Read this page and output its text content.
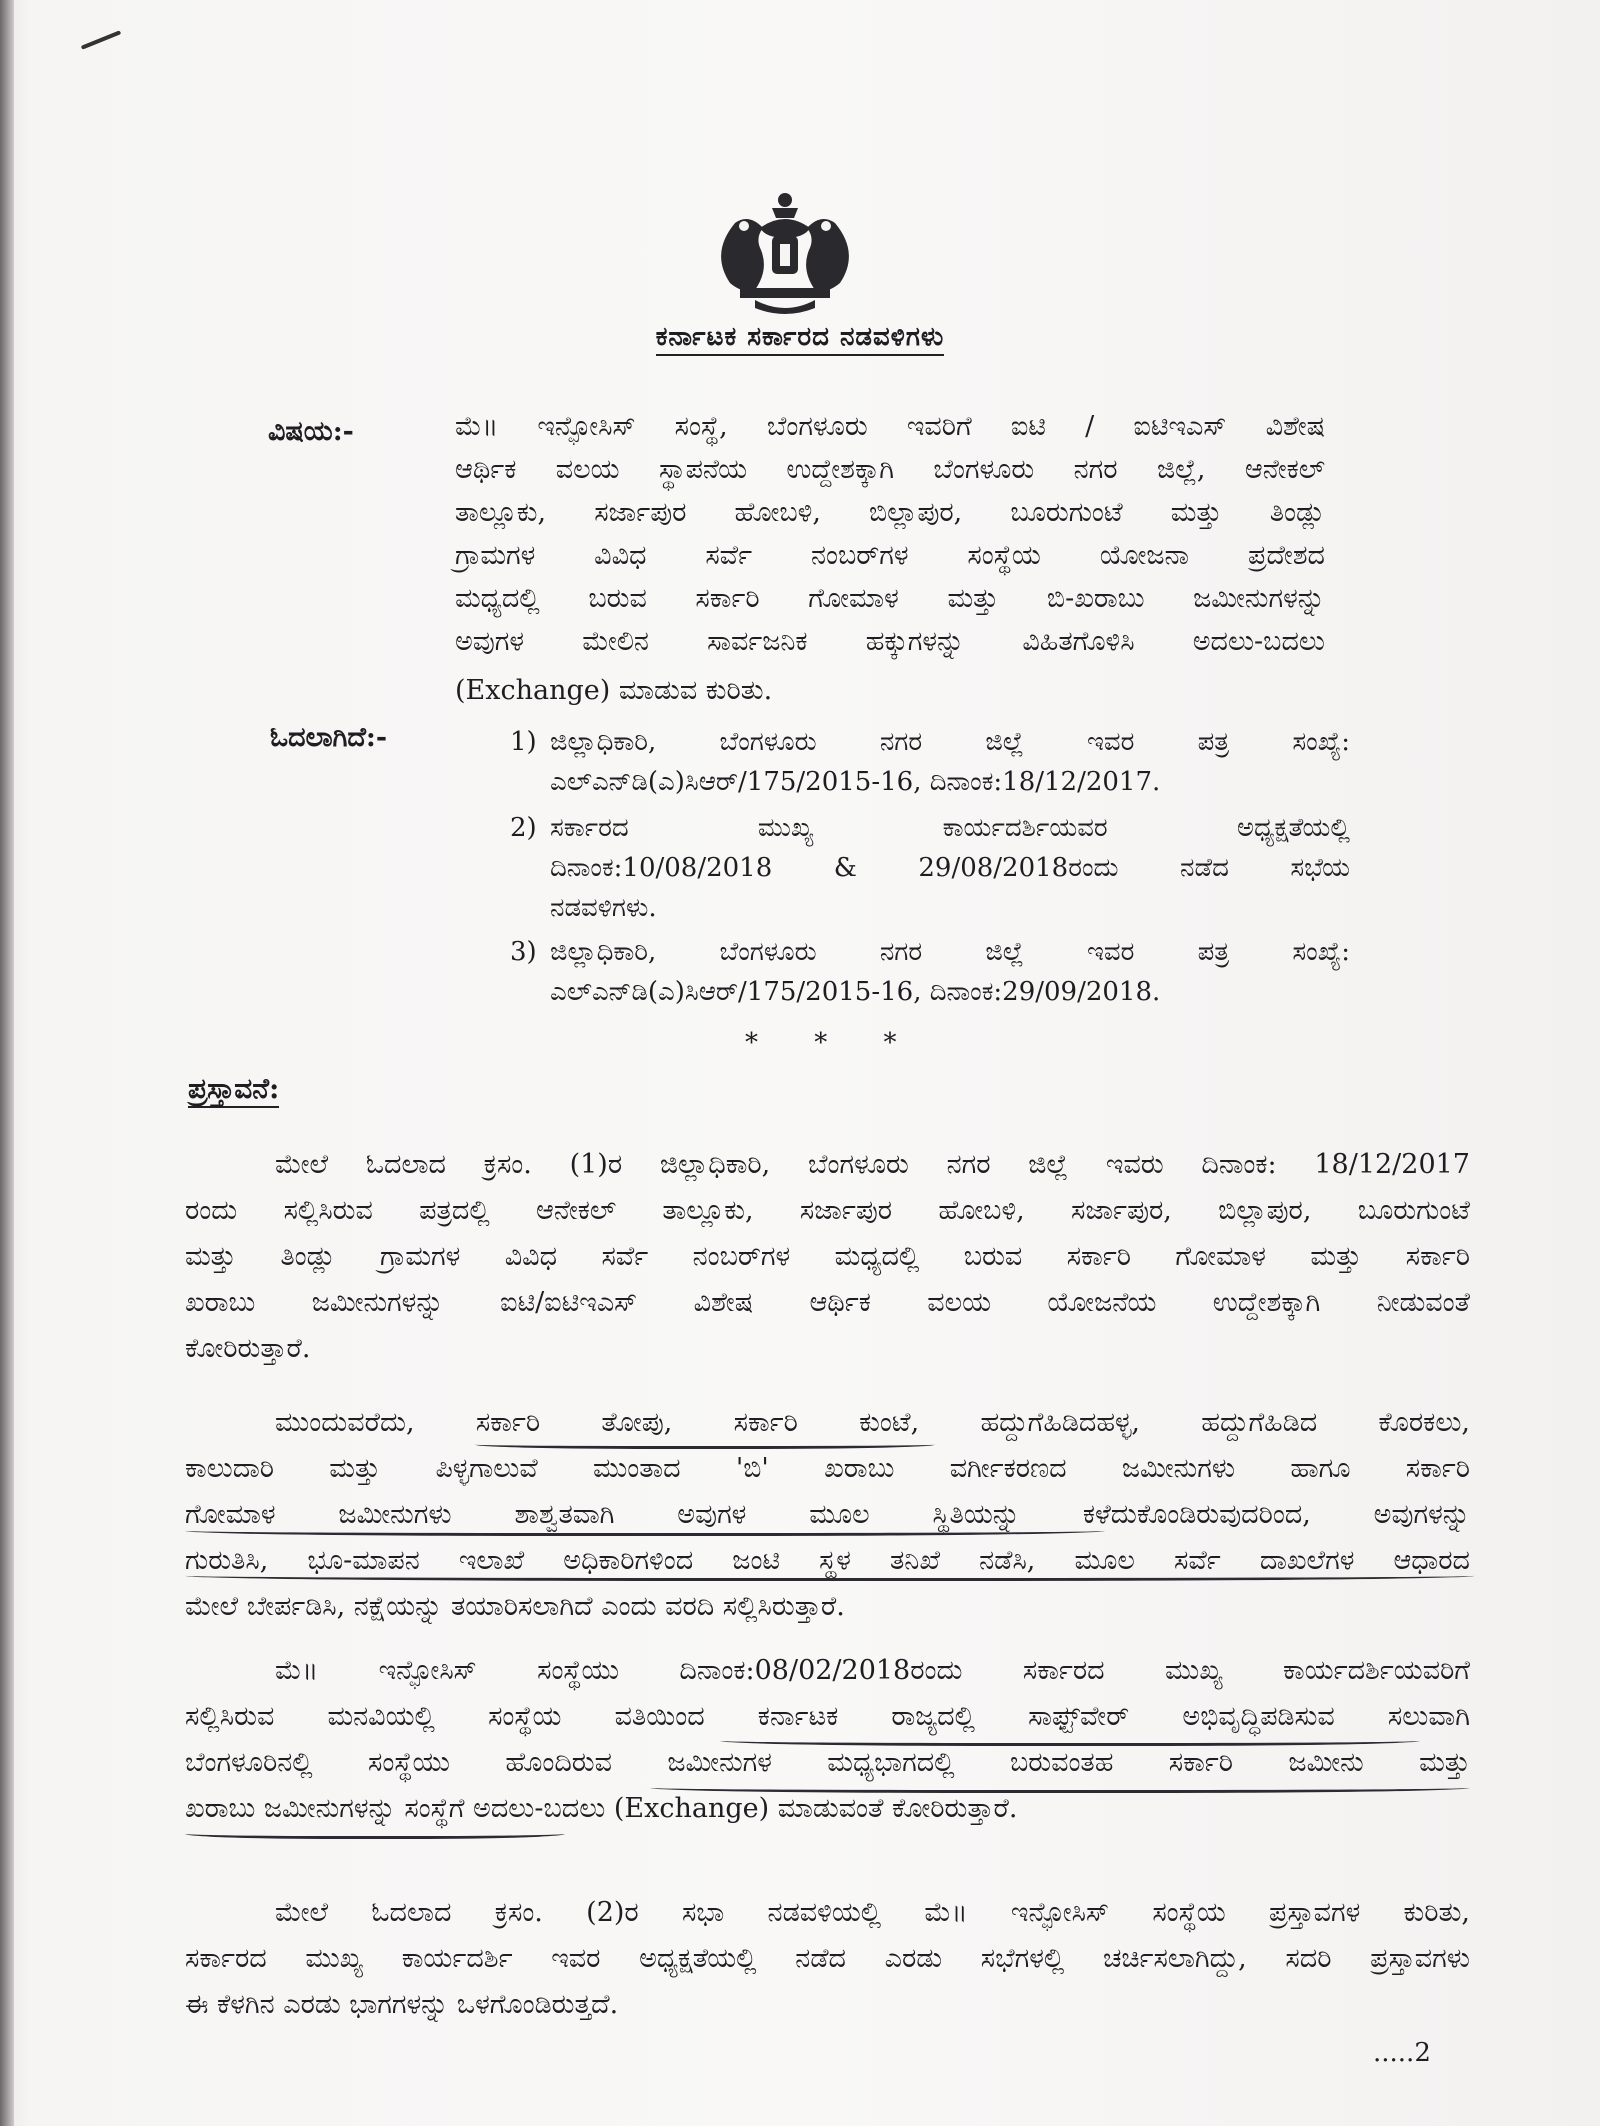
ಕರ್ನಾಟಕ ಸರ್ಕಾರದ ನಡವಳಿಗಳು
ವಿಷಯ:-	ಮೆ॥ ಇನ್ಫೋಸಿಸ್ ಸಂಸ್ಥೆ, ಬೆಂಗಳೂರು ಇವರಿಗೆ ಐಟಿ / ಐಟಿಇಎಸ್ ವಿಶೇಷ
ಆರ್ಥಿಕ ವಲಯ ಸ್ಥಾಪನೆಯ ಉದ್ದೇಶಕ್ಕಾಗಿ ಬೆಂಗಳೂರು ನಗರ ಜಿಲ್ಲೆ, ಆನೇಕಲ್
ತಾಲ್ಲೂಕು, ಸರ್ಜಾಪುರ ಹೋಬಳಿ, ಬಿಲ್ಲಾಪುರ, ಬೂರುಗುಂಟೆ ಮತ್ತು ತಿಂಡ್ಲು
ಗ್ರಾಮಗಳ ವಿವಿಧ ಸರ್ವೆ ನಂಬರ್‌ಗಳ ಸಂಸ್ಥೆಯ ಯೋಜನಾ ಪ್ರದೇಶದ
ಮಧ್ಯದಲ್ಲಿ ಬರುವ ಸರ್ಕಾರಿ ಗೋಮಾಳ ಮತ್ತು ಬಿ-ಖರಾಬು ಜಮೀನುಗಳನ್ನು
ಅವುಗಳ ಮೇಲಿನ ಸಾರ್ವಜನಿಕ ಹಕ್ಕುಗಳನ್ನು ವಿಹಿತಗೊಳಿಸಿ ಅದಲು-ಬದಲು
(Exchange) ಮಾಡುವ ಕುರಿತು.
ಓದಲಾಗಿದೆ:-	1) ಜಿಲ್ಲಾಧಿಕಾರಿ, ಬೆಂಗಳೂರು ನಗರ ಜಿಲ್ಲೆ ಇವರ ಪತ್ರ ಸಂಖ್ಯೆ:
ಎಲ್ಎನ್‌ಡಿ(ಎ)ಸಿಆರ್/175/2015-16, ದಿನಾಂಕ:18/12/2017.
2) ಸರ್ಕಾರದ ಮುಖ್ಯ ಕಾರ್ಯದರ್ಶಿಯವರ ಅಧ್ಯಕ್ಷತೆಯಲ್ಲಿ
ದಿನಾಂಕ:10/08/2018 & 29/08/2018ರಂದು ನಡೆದ ಸಭೆಯ
ನಡವಳಿಗಳು.
3) ಜಿಲ್ಲಾಧಿಕಾರಿ, ಬೆಂಗಳೂರು ನಗರ ಜಿಲ್ಲೆ ಇವರ ಪತ್ರ ಸಂಖ್ಯೆ:
ಎಲ್ಎನ್‌ಡಿ(ಎ)ಸಿಆರ್/175/2015-16, ದಿನಾಂಕ:29/09/2018.
* * *
ಪ್ರಸ್ತಾವನೆ:
ಮೇಲೆ ಓದಲಾದ ಕ್ರಸಂ. (1)ರ ಜಿಲ್ಲಾಧಿಕಾರಿ, ಬೆಂಗಳೂರು ನಗರ ಜಿಲ್ಲೆ ಇವರು ದಿನಾಂಕ: 18/12/2017
ರಂದು ಸಲ್ಲಿಸಿರುವ ಪತ್ರದಲ್ಲಿ ಆನೇಕಲ್ ತಾಲ್ಲೂಕು, ಸರ್ಜಾಪುರ ಹೋಬಳಿ, ಸರ್ಜಾಪುರ, ಬಿಲ್ಲಾಪುರ, ಬೂರುಗುಂಟೆ
ಮತ್ತು ತಿಂಡ್ಲು ಗ್ರಾಮಗಳ ವಿವಿಧ ಸರ್ವೆ ನಂಬರ್‌ಗಳ ಮಧ್ಯದಲ್ಲಿ ಬರುವ ಸರ್ಕಾರಿ ಗೋಮಾಳ ಮತ್ತು ಸರ್ಕಾರಿ
ಖರಾಬು ಜಮೀನುಗಳನ್ನು ಐಟಿ/ಐಟಿಇಎಸ್ ವಿಶೇಷ ಆರ್ಥಿಕ ವಲಯ ಯೋಜನೆಯ ಉದ್ದೇಶಕ್ಕಾಗಿ ನೀಡುವಂತೆ
ಕೋರಿರುತ್ತಾರೆ.
ಮುಂದುವರೆದು, ಸರ್ಕಾರಿ ತೋಪು, ಸರ್ಕಾರಿ ಕುಂಟೆ, ಹದ್ದುಗೆಹಿಡಿದಹಳ್ಳ, ಹದ್ದುಗೆಹಿಡಿದ ಕೊರಕಲು,
ಕಾಲುದಾರಿ ಮತ್ತು ಪಿಳ್ಳಗಾಲುವೆ ಮುಂತಾದ 'ಬಿ' ಖರಾಬು ವರ್ಗೀಕರಣದ ಜಮೀನುಗಳು ಹಾಗೂ ಸರ್ಕಾರಿ
ಗೋಮಾಳ ಜಮೀನುಗಳು ಶಾಶ್ವತವಾಗಿ ಅವುಗಳ ಮೂಲ ಸ್ಥಿತಿಯನ್ನು ಕಳೆದುಕೊಂಡಿರುವುದರಿಂದ, ಅವುಗಳನ್ನು
ಗುರುತಿಸಿ, ಭೂ-ಮಾಪನ ಇಲಾಖೆ ಅಧಿಕಾರಿಗಳಿಂದ ಜಂಟಿ ಸ್ಥಳ ತನಿಖೆ ನಡೆಸಿ, ಮೂಲ ಸರ್ವೆ ದಾಖಲೆಗಳ ಆಧಾರದ
ಮೇಲೆ ಬೇರ್ಪಡಿಸಿ, ನಕ್ಷೆಯನ್ನು ತಯಾರಿಸಲಾಗಿದೆ ಎಂದು ವರದಿ ಸಲ್ಲಿಸಿರುತ್ತಾರೆ.
ಮೆ॥ ಇನ್ಫೋಸಿಸ್ ಸಂಸ್ಥೆಯು ದಿನಾಂಕ:08/02/2018ರಂದು ಸರ್ಕಾರದ ಮುಖ್ಯ ಕಾರ್ಯದರ್ಶಿಯವರಿಗೆ
ಸಲ್ಲಿಸಿರುವ ಮನವಿಯಲ್ಲಿ ಸಂಸ್ಥೆಯ ವತಿಯಿಂದ ಕರ್ನಾಟಕ ರಾಜ್ಯದಲ್ಲಿ ಸಾಫ್ಟ್‌ವೇರ್ ಅಭಿವೃದ್ಧಿಪಡಿಸುವ ಸಲುವಾಗಿ
ಬೆಂಗಳೂರಿನಲ್ಲಿ ಸಂಸ್ಥೆಯು ಹೊಂದಿರುವ ಜಮೀನುಗಳ ಮಧ್ಯಭಾಗದಲ್ಲಿ ಬರುವಂತಹ ಸರ್ಕಾರಿ ಜಮೀನು ಮತ್ತು
ಖರಾಬು ಜಮೀನುಗಳನ್ನು ಸಂಸ್ಥೆಗೆ ಅದಲು-ಬದಲು (Exchange) ಮಾಡುವಂತೆ ಕೋರಿರುತ್ತಾರೆ.
ಮೇಲೆ ಓದಲಾದ ಕ್ರಸಂ. (2)ರ ಸಭಾ ನಡವಳಿಯಲ್ಲಿ ಮೆ॥ ಇನ್ಫೋಸಿಸ್ ಸಂಸ್ಥೆಯ ಪ್ರಸ್ತಾವಗಳ ಕುರಿತು,
ಸರ್ಕಾರದ ಮುಖ್ಯ ಕಾರ್ಯದರ್ಶಿ ಇವರ ಅಧ್ಯಕ್ಷತೆಯಲ್ಲಿ ನಡೆದ ಎರಡು ಸಭೆಗಳಲ್ಲಿ ಚರ್ಚಿಸಲಾಗಿದ್ದು, ಸದರಿ ಪ್ರಸ್ತಾವಗಳು
ಈ ಕೆಳಗಿನ ಎರಡು ಭಾಗಗಳನ್ನು ಒಳಗೊಂಡಿರುತ್ತದೆ.
.....2
